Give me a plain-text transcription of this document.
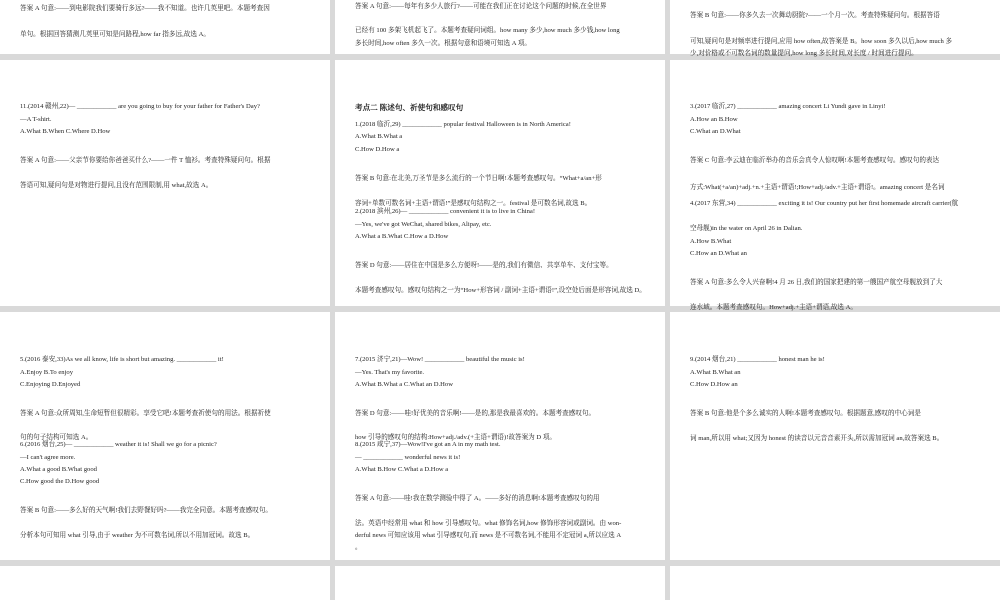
答案 A 句意:——到电影院我们要骑行多远?——我不知道。也许几英里吧。本题考查因
单句。根据回答猜测几英里可知是问路程,how far 指多远,故选 A。
答案 A 句意:——每年有多少人旅行?——可能在我们正在讨论这个问题的时候,在全世界
已经有 100 多架飞机起飞了。本题考查疑问词组。how many 多少,how much 多少钱,how long
多长时间,how often 多久一次。根据句意和语境可知选 A 项。
答案 B 句意:——你多久去一次舞动厨院?——一个月一次。考查特殊疑问句。根据答语
可知,疑问句是对频率进行提问,应用 how often,故答案是 B。how soon 多久以后,how much 多
少,对价格或不可数名词的数量提问,how long 多长时间,对长度 / 时间进行提问。
11.(2014 赣州,22)— ____________ are you going to buy for your father for Father's Day?
—A T-shirt.
A.What B.When C.Where D.How
答案 A 句意:——父亲节你要给你爸爸买什么?——一件 T 恤衫。考查特殊疑问句。根据
答语可知,疑问句是对物进行提问,且没有范围限制,用 what,故选 A。
考点二 陈述句、祈使句和感叹句
1.(2018 临沂,29) ____________ popular festival Halloween is in North America!
A.What B.What a
C.How D.How a
答案 B 句意:在北美,万圣节是多么流行的一个节日啊!本题考查感叹句。“What+a/an+形
容词+单数可数名词+主语+谓语!”是感叹句结构之一。festival 是可数名词,故选 B。
2.(2018 滨州,26)— ____________ convenient it is to live in China!
—Yes, we've got WeChat, shared bikes, Alipay, etc.
A.What a B.What C.How a D.How
答案 D 句意:——居住在中国是多么方便呀!——是的,我们有微信、共享单车、支付宝等。
本题考查感叹句。感叹句结构之一为“How+形容词 / 副词+主语+谓语!”,设空处后面是形容词,故选 D。
3.(2017 临沂,27) ____________ amazing concert Li Yundi gave in Linyi!
A.How an B.How
C.What an D.What
答案 C 句意:李云迪在临沂举办的音乐会真令人惊叹啊!本题考查感叹句。感叹句的表达
方式:What(+a/an)+adj.+n.+主语+谓语!;How+adj./adv.+主语+谓语!。amazing concert 是名词
4.(2017 东营,34) ____________ exciting it is! Our country put her first homemade aircraft carrier(航
空母舰)in the water on April 26 in Dalian.
A.How B.What
C.How an D.What an
答案 A 句意:多么令人兴奋啊!4 月 26 日,我们的国家把建的第一艘国产航空母舰放到了大
连水域。本题考查感叹句。How+adj.+主语+谓语,故选 A。
5.(2016 泰安,33)As we all know, life is short but amazing. ____________ it!
A.Enjoy B.To enjoy
C.Enjoying D.Enjoyed
答案 A 句意:众所周知,生命短暂但很精彩。享受它吧!本题考查祈使句的用法。根据祈使
句的句子结构可知选 A。
6.(2016 烟台,25)— ____________ weather it is! Shall we go for a picnic?
—I can't agree more.
A.What a good B.What good
C.How good the D.How good
答案 B 句意:——多么好的天气啊!我们去野餐好吗?——我完全同意。本题考查感叹句。
分析本句可知用 what 引导,由于 weather 为不可数名词,所以不用加冠词。故选 B。
7.(2015 济宁,21)—Wow! ____________ beautiful the music is!
—Yes. That's my favorite.
A.What B.What a C.What an D.How
答案 D 句意:——哇!好优美的音乐啊!——是的,那是我最喜欢的。本题考查感叹句。
how 引导的感叹句的结构:How+adj./adv.(+主语+谓语)!故答案为 D 项。
8.(2015 咸宁,37)—Wow!I've got an A in my math test.
— ____________ wonderful news it is!
A.What B.How C.What a D.How a
答案 A 句意:——哇!我在数学测验中得了 A。——多好的消息啊!本题考查感叹句的用
法。英语中经常用 what 和 how 引导感叹句。what 修饰名词,how 修饰形容词或副词。由 won-
derful news 可知应该用 what 引导感叹句,而 news 是不可数名词,不能用不定冠词 a,所以应选 A
。
9.(2014 烟台,21) ____________ honest man he is!
A.What B.What an
C.How D.How an
答案 B 句意:他是个多么诚实的人啊!本题考查感叹句。根据题意,感叹的中心词是
词 man,所以用 what;又因为 honest 的读音以元音音素开头,所以需加冠词 an,故答案选 B。
